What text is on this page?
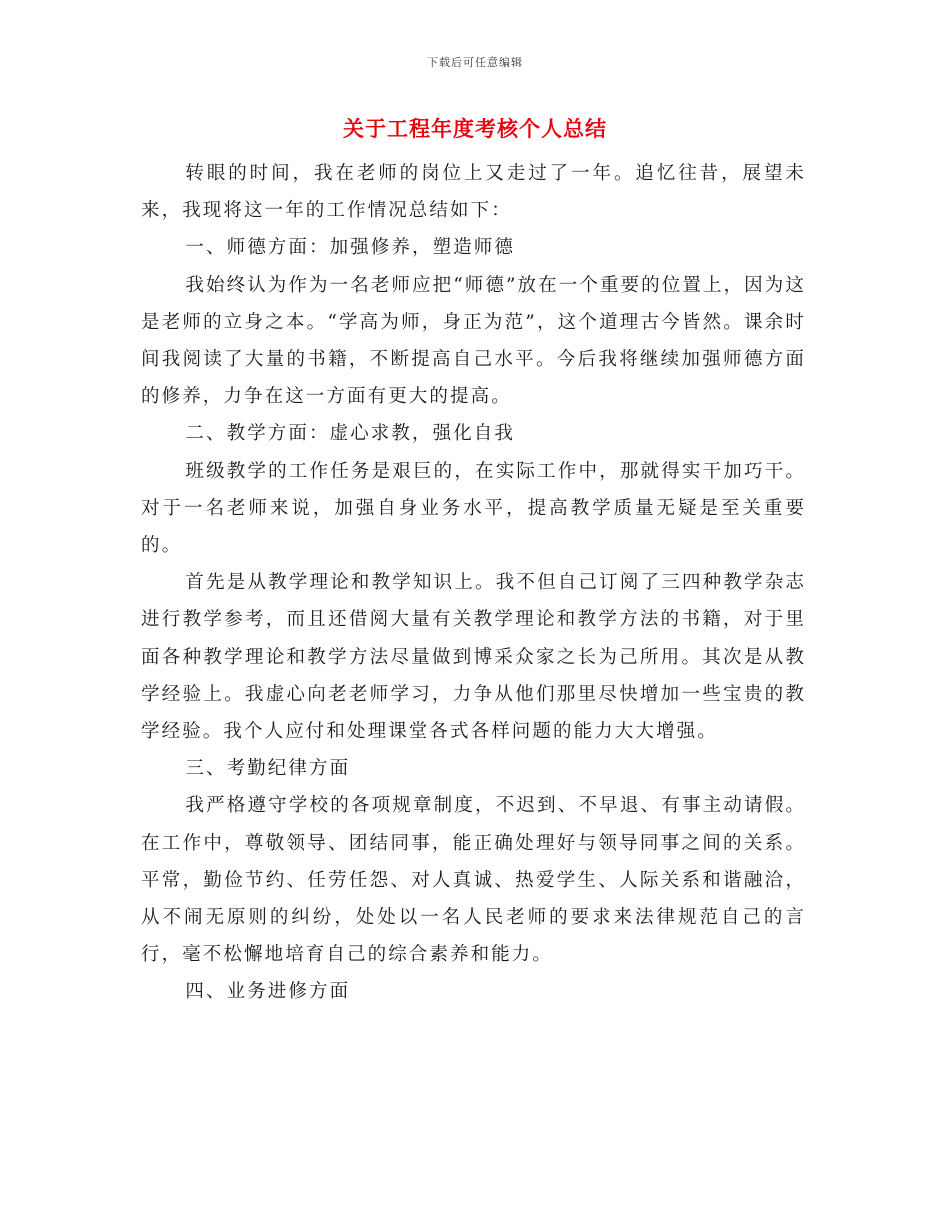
下载后可任意编辑
关于工程年度考核个人总结

转眼的时间，我在老师的岗位上又走过了一年。追忆往昔，展望未来，我现将这一年的工作情况总结如下：

一、师德方面：加强修养，塑造师德

我始终认为作为一名老师应把“师德”放在一个重要的位置上，因为这是老师的立身之本。“学高为师，身正为范”，这个道理古今皆然。课余时间我阅读了大量的书籍，不断提高自己水平。今后我将继续加强师德方面的修养，力争在这一方面有更大的提高。

二、教学方面：虚心求教，强化自我

班级教学的工作任务是艰巨的，在实际工作中，那就得实干加巧干。对于一名老师来说，加强自身业务水平，提高教学质量无疑是至关重要的。

首先是从教学理论和教学知识上。我不但自己订阅了三四种教学杂志进行教学参考，而且还借阅大量有关教学理论和教学方法的书籍，对于里面各种教学理论和教学方法尽量做到博采众家之长为己所用。其次是从教学经验上。我虚心向老老师学习，力争从他们那里尽快增加一些宝贵的教学经验。我个人应付和处理课堂各式各样问题的能力大大增强。

三、考勤纪律方面

我严格遵守学校的各项规章制度，不迟到、不早退、有事主动请假。在工作中，尊敬领导、团结同事，能正确处理好与领导同事之间的关系。平常，勤俭节约、任劳任怨、对人真诚、热爱学生、人际关系和谐融洽，从不闹无原则的纠纷，处处以一名人民老师的要求来法律规范自己的言行，毫不松懈地培育自己的综合素养和能力。

四、业务进修方面
